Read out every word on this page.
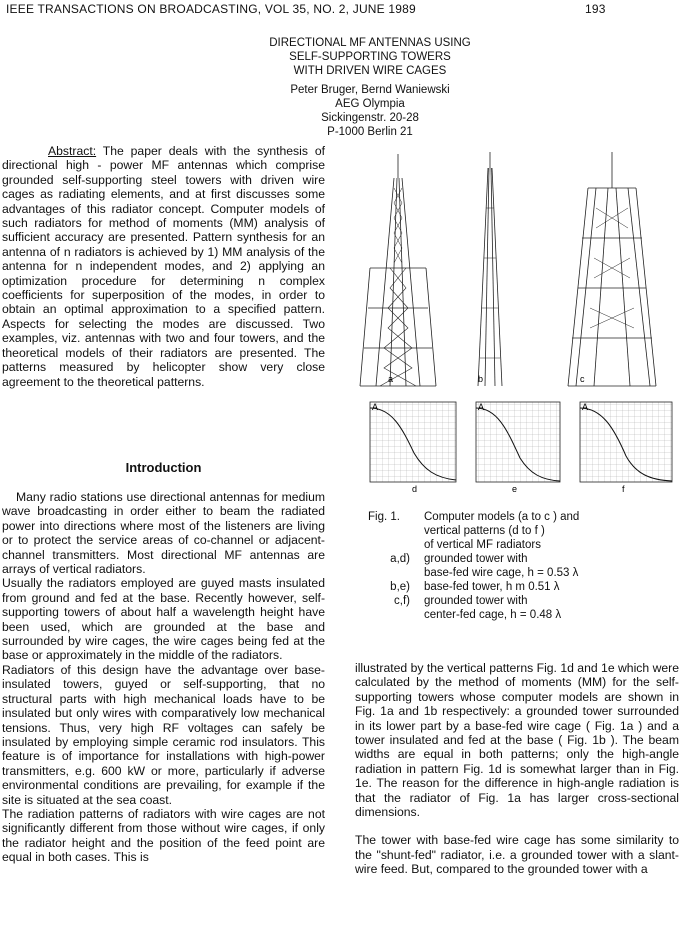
IEEE TRANSACTIONS ON BROADCASTING, VOL 35, NO. 2, JUNE 1989	193
DIRECTIONAL MF ANTENNAS USING
SELF-SUPPORTING TOWERS
WITH DRIVEN WIRE CAGES
Peter Bruger, Bernd Waniewski
AEG Olympia
Sickingenstr. 20-28
P-1000 Berlin 21

Abstract: The paper deals with the synthesis of directional high - power MF antennas which comprise grounded self-supporting steel towers with driven wire cages as radiating elements, and at first discusses some advantages of this radiator concept. Computer models of such radiators for method of moments (MM) analysis of sufficient accuracy are presented. Pattern synthesis for an antenna of n radiators is achieved by 1) MM analysis of the antenna for n independent modes, and 2) applying an optimization procedure for determining n complex coefficients for superposition of the modes, in order to obtain an optimal approximation to a specified pattern. Aspects for selecting the modes are discussed. Two examples, viz. antennas with two and four towers, and the theoretical models of their radiators are presented. The patterns measured by helicopter show very close agreement to the theoretical patterns.

Introduction

Many radio stations use directional antennas for medium wave broadcasting in order either to beam the radiated power into directions where most of the listeners are living or to protect the service areas of co-channel or adjacent-channel transmitters. Most directional MF antennas are arrays of vertical radiators.

Usually the radiators employed are guyed masts insulated from ground and fed at the base. Recently however, self-supporting towers of about half a wavelength height have been used, which are grounded at the base and surrounded by wire cages, the wire cages being fed at the base or approximately in the middle of the radiators.

Radiators of this design have the advantage over base-insulated towers, guyed or self-supporting, that no structural parts with high mechanical loads have to be insulated but only wires with comparatively low mechanical tensions. Thus, very high RF voltages can safely be insulated by employing simple ceramic rod insulators. This feature is of importance for installations with high-power transmitters, e.g. 600 kW or more, particularly if adverse environmental conditions are prevailing, for example if the site is situated at the sea coast.

The radiation patterns of radiators with wire cages are not significantly different from those without wire cages, if only the radiator height and the position of the feed point are equal in both cases. This is

illustrated by the vertical patterns Fig. 1d and 1e which were calculated by the method of moments (MM) for the self-supporting towers whose computer models are shown in Fig. 1a and 1b respectively: a grounded tower surrounded in its lower part by a base-fed wire cage ( Fig. 1a ) and a tower insulated and fed at the base ( Fig. 1b ). The beam widths are equal in both patterns; only the high-angle radiation in pattern Fig. 1d is somewhat larger than in Fig. 1e. The reason for the difference in high-angle radiation is that the radiator of Fig. 1a has larger cross-sectional dimensions.

The tower with base-fed wire cage has some similarity to the "shunt-fed" radiator, i.e. a grounded tower with a slant-wire feed. But, compared to the grounded tower with a

a	b	c
A
d
A
e
A
f
Fig. 1.	Computer models (a to c ) and
vertical patterns (d to f )
of vertical MF radiators
a,d)	grounded tower with
base-fed wire cage, h = 0.53 λ
b,e)	base-fed tower, h m 0.51 λ
c,f)	grounded tower with
center-fed cage, h = 0.48 λ
